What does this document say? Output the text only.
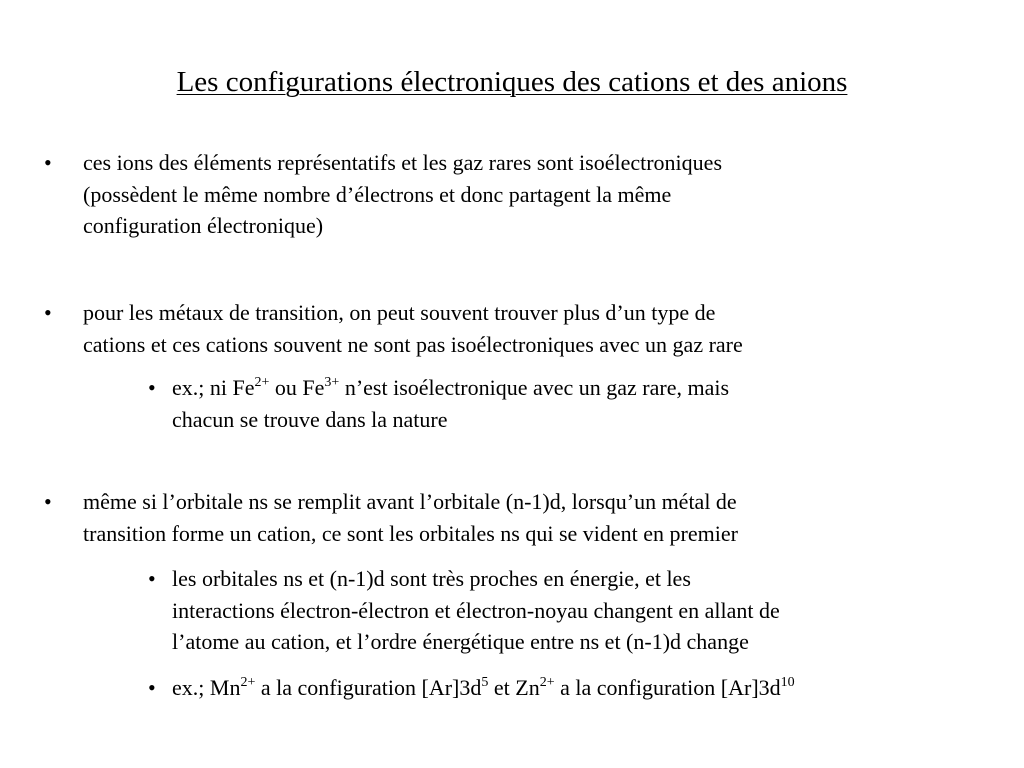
Les configurations électroniques des cations et des anions
• ces ions des éléments représentatifs et les gaz rares sont isoélectroniques
(possèdent le même nombre d’électrons et donc partagent la même
configuration électronique)
• pour les métaux de transition, on peut souvent trouver plus d’un type de
cations et ces cations souvent ne sont pas isoélectroniques avec un gaz rare
• ex.; ni $Fe^{2+}$ ou $Fe^{3+}$ n’est isoélectronique avec un gaz rare, mais
chacun se trouve dans la nature
• même si l’orbitale ns se remplit avant l’orbitale (n-1)d, lorsqu’un métal de
transition forme un cation, ce sont les orbitales ns qui se vident en premier
• les orbitales ns et (n-1)d sont très proches en énergie, et les
interactions électron-électron et électron-noyau changent en allant de
l’atome au cation, et l’ordre énergétique entre ns et (n-1)d change
• ex.; $Mn^{2+}$ a la configuration $[Ar]3d^5$ et $Zn^{2+}$ a la configuration $[Ar]3d^{10}$
